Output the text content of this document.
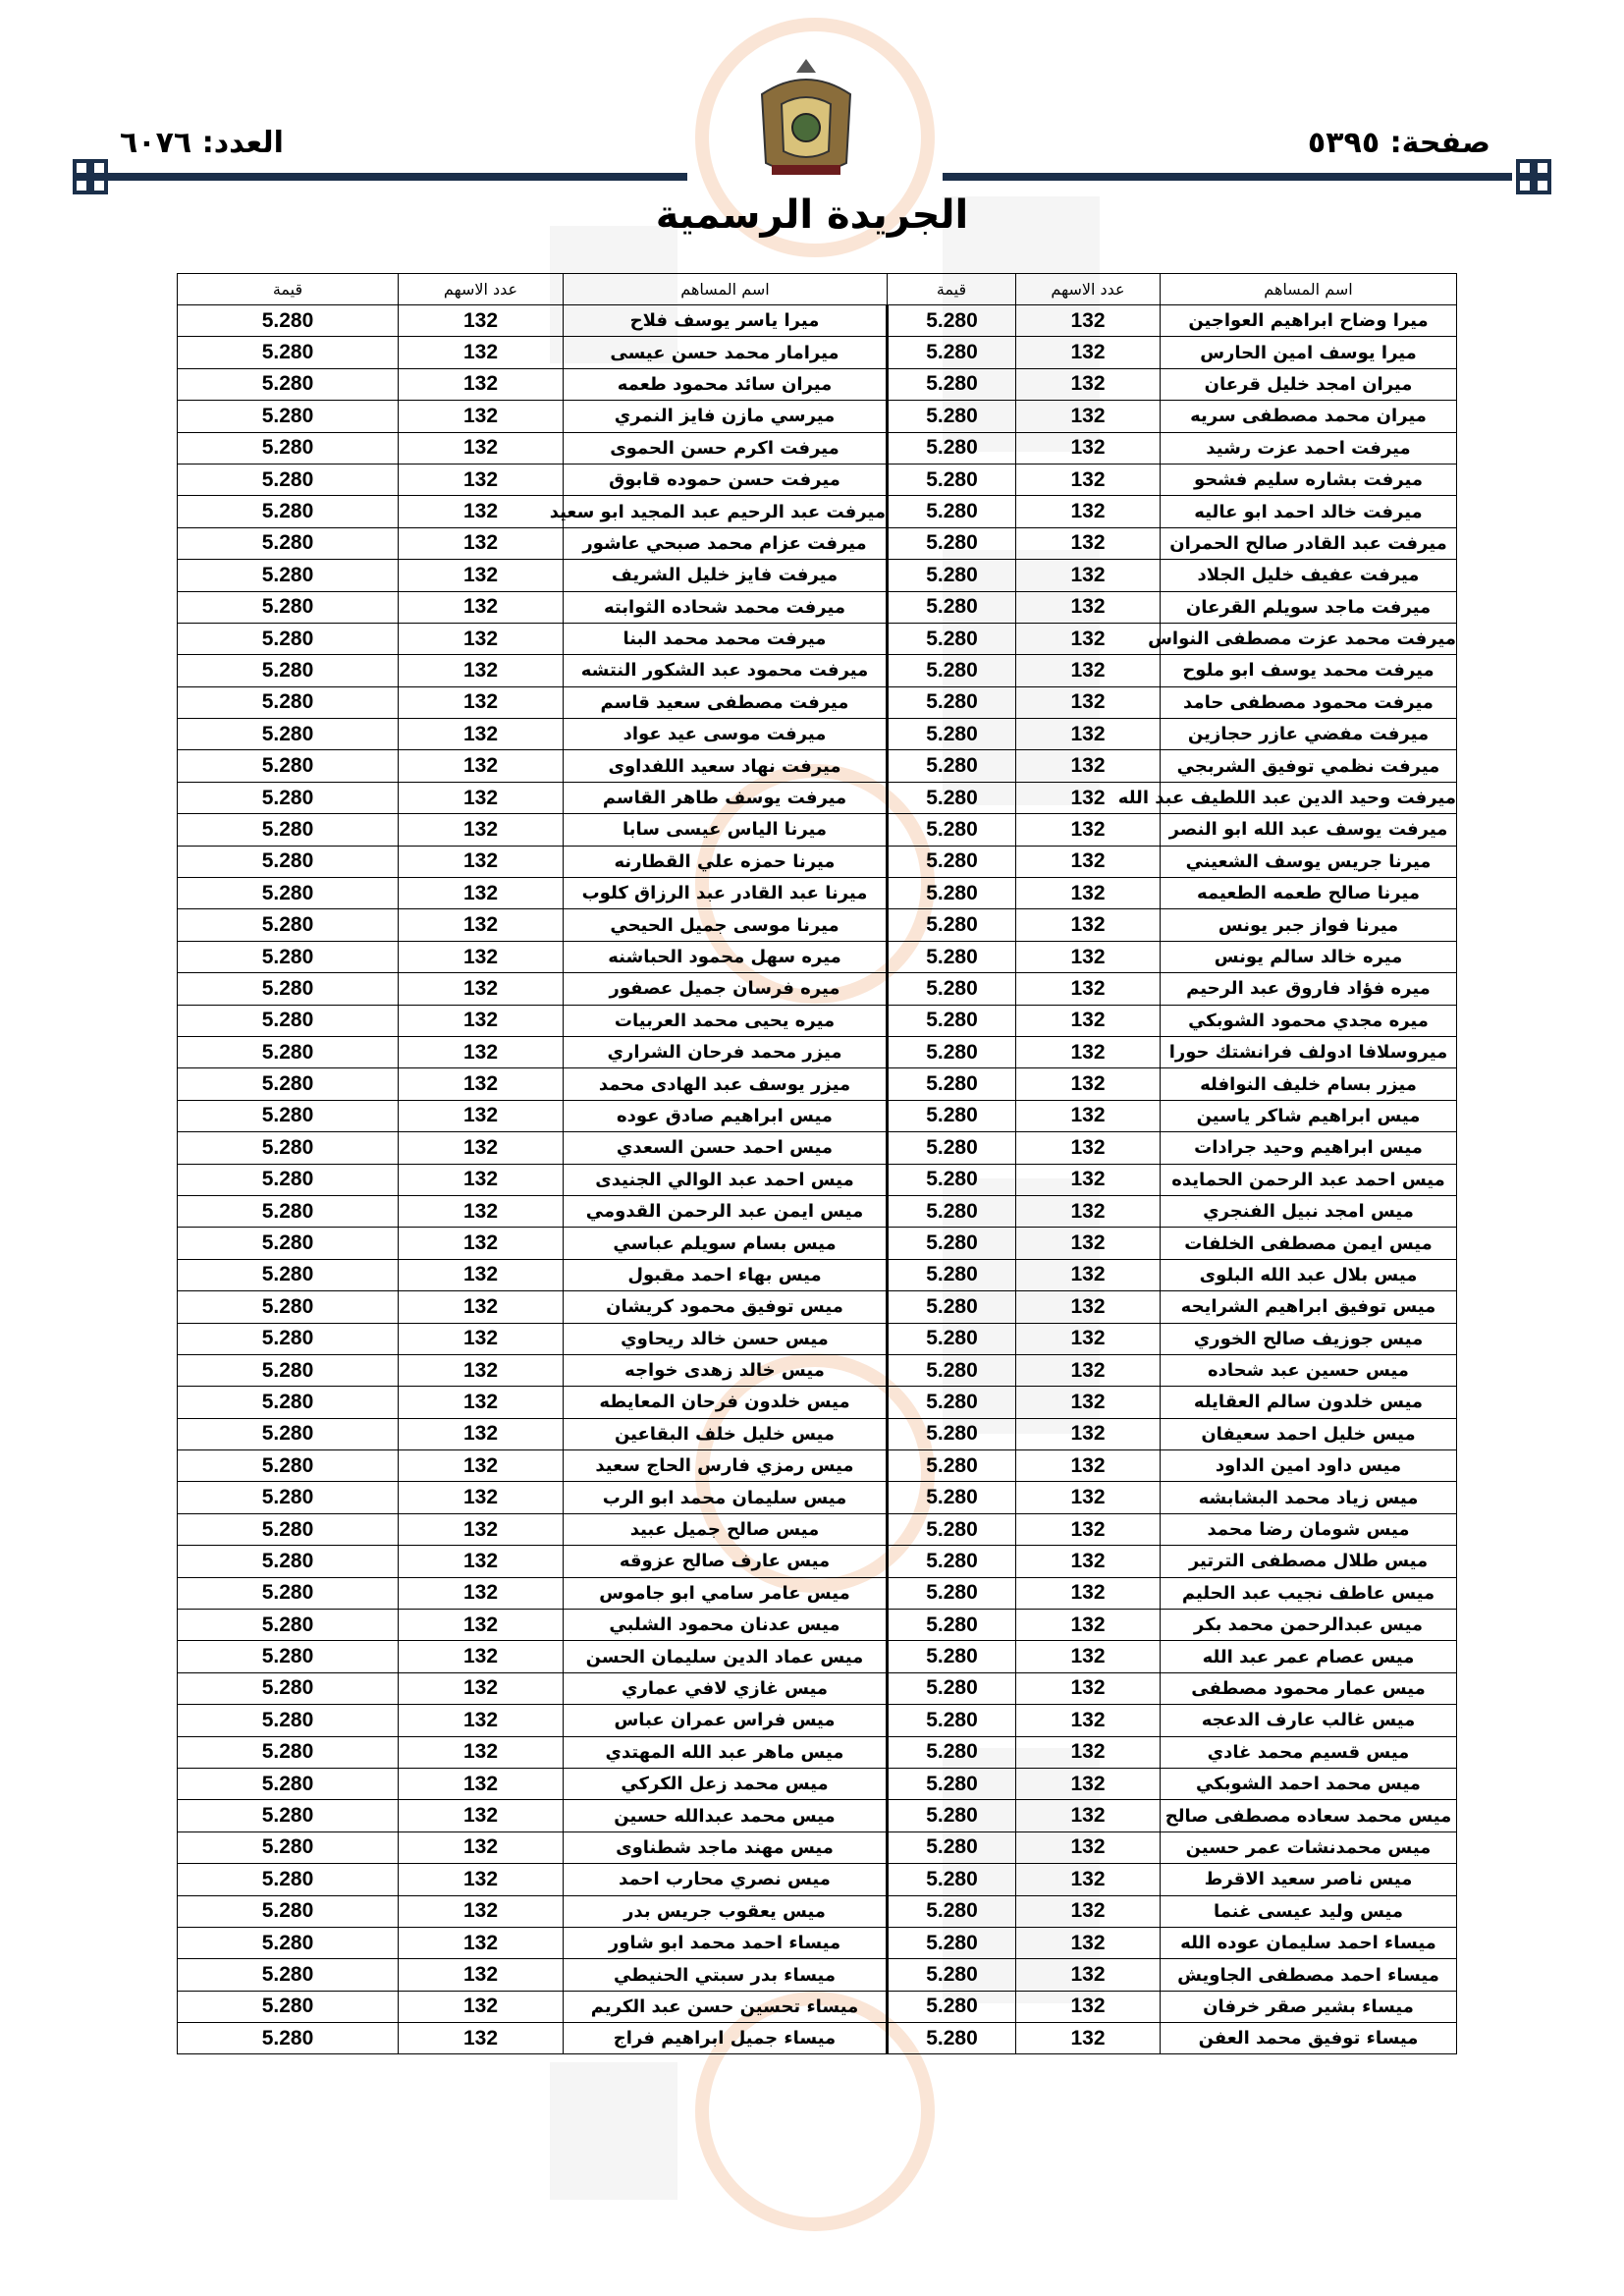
صفحة: ٥٣٩٥
العدد: ٦٠٧٦
الجريدة الرسمية
اسم المساهم	عدد الاسهم	قيمة	اسم المساهم	عدد الاسهم	قيمة
ميرا وضاح ابراهيم العواجين	132	5.280	ميرا ياسر يوسف فلاح	132	5.280
ميرا يوسف امين الحارس	132	5.280	ميرامار محمد حسن عيسى	132	5.280
ميران امجد خليل قرعان	132	5.280	ميران سائد محمود طعمه	132	5.280
ميران محمد مصطفى سريه	132	5.280	ميرسي مازن فايز النمري	132	5.280
ميرفت احمد عزت رشيد	132	5.280	ميرفت اكرم حسن الحموى	132	5.280
ميرفت بشاره سليم فشحو	132	5.280	ميرفت حسن حموده قابوق	132	5.280
ميرفت خالد احمد ابو عاليه	132	5.280	ميرفت عبد الرحيم عبد المجيد ابو سعيد	132	5.280
ميرفت عبد القادر صالح الحمران	132	5.280	ميرفت عزام محمد صبحي عاشور	132	5.280
ميرفت عفيف خليل الجلاد	132	5.280	ميرفت فايز خليل الشريف	132	5.280
ميرفت ماجد سويلم القرعان	132	5.280	ميرفت محمد شحاده الثوابته	132	5.280
ميرفت محمد عزت مصطفى النواس	132	5.280	ميرفت محمد محمد البنا	132	5.280
ميرفت محمد يوسف ابو ملوح	132	5.280	ميرفت محمود عبد الشكور النتشه	132	5.280
ميرفت محمود مصطفى حامد	132	5.280	ميرفت مصطفى سعيد قاسم	132	5.280
ميرفت مفضي عازر حجازين	132	5.280	ميرفت موسى عيد عواد	132	5.280
ميرفت نظمي توفيق الشربجي	132	5.280	ميرفت نهاد سعيد اللفداوى	132	5.280
ميرفت وحيد الدين عبد اللطيف عبد الله	132	5.280	ميرفت يوسف طاهر القاسم	132	5.280
ميرفت يوسف عبد الله ابو النصر	132	5.280	ميرنا الياس عيسى سابا	132	5.280
ميرنا جريس يوسف الشعيني	132	5.280	ميرنا حمزه علي القطارنه	132	5.280
ميرنا صالح طعمه الطعيمه	132	5.280	ميرنا عبد القادر عبد الرزاق كلوب	132	5.280
ميرنا فواز جبر يونس	132	5.280	ميرنا موسى جميل الحيحي	132	5.280
ميره خالد سالم يونس	132	5.280	ميره سهل محمود الحباشنه	132	5.280
ميره فؤاد فاروق عبد الرحيم	132	5.280	ميره فرسان جميل عصفور	132	5.280
ميره مجدي محمود الشوبكي	132	5.280	ميره يحيى محمد العربيات	132	5.280
ميروسلافا ادولف فرانشتك حورا	132	5.280	ميزر محمد فرحان الشراري	132	5.280
ميزر بسام خليف النوافله	132	5.280	ميزر يوسف عبد الهادى محمد	132	5.280
ميس ابراهيم شاكر ياسين	132	5.280	ميس ابراهيم صادق عوده	132	5.280
ميس ابراهيم وحيد جرادات	132	5.280	ميس احمد حسن السعدي	132	5.280
ميس احمد عبد الرحمن الحمايده	132	5.280	ميس احمد عبد الوالي الجنيدى	132	5.280
ميس امجد نبيل الفنجري	132	5.280	ميس ايمن عبد الرحمن القدومي	132	5.280
ميس ايمن مصطفى الخلفات	132	5.280	ميس بسام سويلم عباسي	132	5.280
ميس بلال عبد الله البلوى	132	5.280	ميس بهاء احمد مقبول	132	5.280
ميس توفيق ابراهيم الشرايحه	132	5.280	ميس توفيق محمود كريشان	132	5.280
ميس جوزيف صالح الخوري	132	5.280	ميس حسن خالد ريحاوي	132	5.280
ميس حسين عبد شحاده	132	5.280	ميس خالد زهدى خواجه	132	5.280
ميس خلدون سالم العقايله	132	5.280	ميس خلدون فرحان المعايطه	132	5.280
ميس خليل احمد سعيفان	132	5.280	ميس خليل خلف البقاعين	132	5.280
ميس داود امين الداود	132	5.280	ميس رمزي فارس الحاج سعيد	132	5.280
ميس زياد محمد البشابشه	132	5.280	ميس سليمان محمد ابو الرب	132	5.280
ميس شومان رضا محمد	132	5.280	ميس صالح جميل عبيد	132	5.280
ميس طلال مصطفى الترتير	132	5.280	ميس عارف صالح عزوقه	132	5.280
ميس عاطف نجيب عبد الحليم	132	5.280	ميس عامر سامي ابو جاموس	132	5.280
ميس عبدالرحمن محمد بكر	132	5.280	ميس عدنان محمود الشلبي	132	5.280
ميس عصام عمر عبد الله	132	5.280	ميس عماد الدين سليمان الحسن	132	5.280
ميس عمار محمود مصطفى	132	5.280	ميس غازي لافي عماري	132	5.280
ميس غالب عارف الدعجه	132	5.280	ميس فراس عمران عباس	132	5.280
ميس قسيم محمد غادي	132	5.280	ميس ماهر عبد الله المهتدي	132	5.280
ميس محمد احمد الشوبكي	132	5.280	ميس محمد زعل الكركي	132	5.280
ميس محمد سعاده مصطفى صالح	132	5.280	ميس محمد عبدالله حسين	132	5.280
ميس محمدنشات عمر حسين	132	5.280	ميس مهند ماجد شطناوى	132	5.280
ميس ناصر سعيد الاقرط	132	5.280	ميس نصري محارب احمد	132	5.280
ميس وليد عيسى غنما	132	5.280	ميس يعقوب جريس بدر	132	5.280
ميساء احمد سليمان عوده الله	132	5.280	ميساء احمد محمد ابو شاور	132	5.280
ميساء احمد مصطفى الجاويش	132	5.280	ميساء بدر سبتي الحنيطي	132	5.280
ميساء بشير صقر خرفان	132	5.280	ميساء تحسين حسن عبد الكريم	132	5.280
ميساء توفيق محمد العفن	132	5.280	ميساء جميل ابراهيم فراج	132	5.280
